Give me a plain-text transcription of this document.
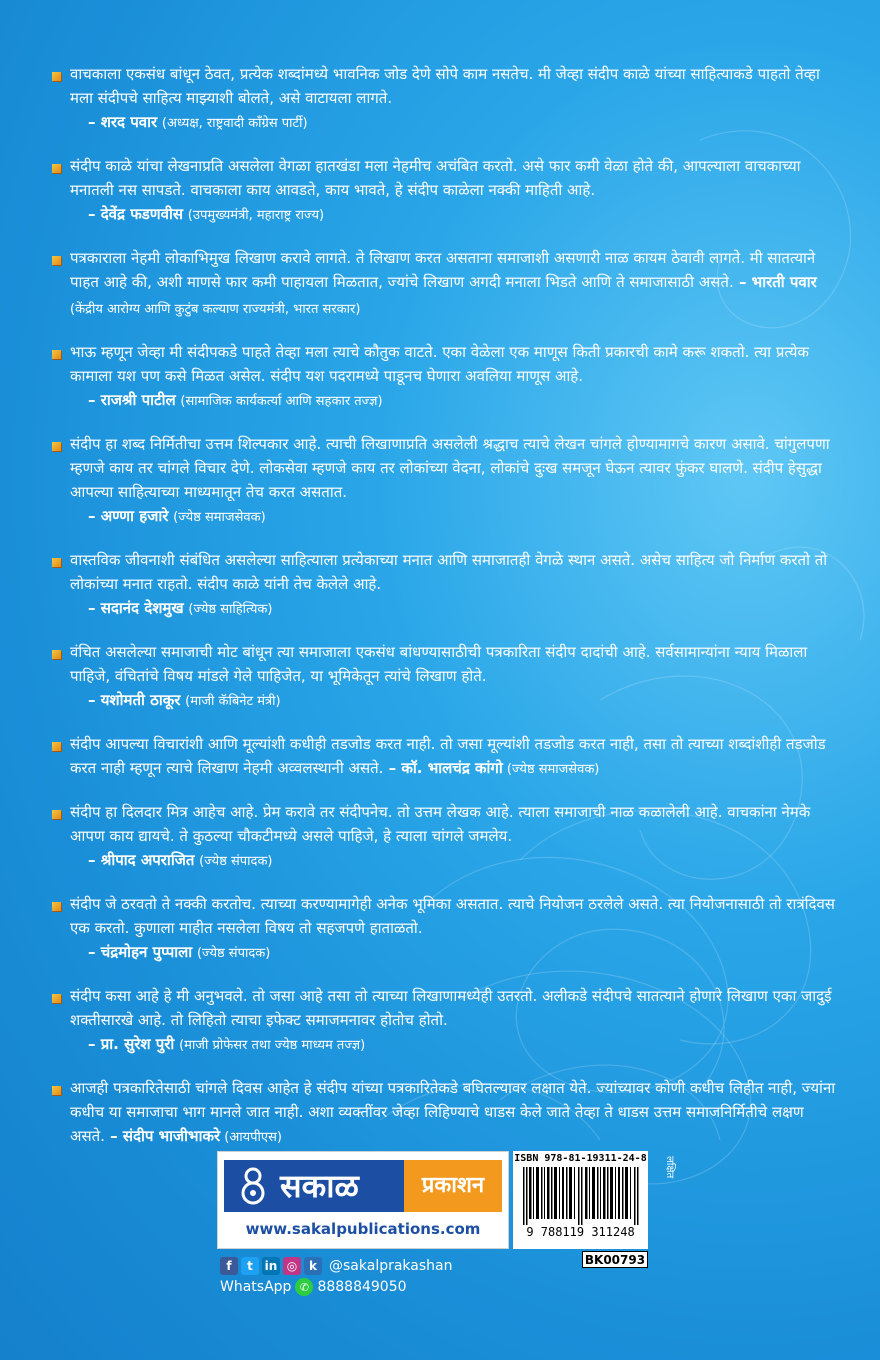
वाचकाला एकसंध बांधून ठेवत, प्रत्येक शब्दांमध्ये भावनिक जोड देणे सोपे काम नसतेच. मी जेव्हा संदीप काळे यांच्या साहित्याकडे पाहतो तेव्हा मला संदीपचे साहित्य माझ्याशी बोलते, असे वाटायला लागते.
– शरद पवार (अध्यक्ष, राष्ट्रवादी काँग्रेस पार्टी)
संदीप काळे यांचा लेखनाप्रति असलेला वेगळा हातखंडा मला नेहमीच अचंबित करतो. असे फार कमी वेळा होते की, आपल्याला वाचकाच्या मनातली नस सापडते. वाचकाला काय आवडते, काय भावते, हे संदीप काळेला नक्की माहिती आहे.
– देवेंद्र फडणवीस (उपमुख्यमंत्री, महाराष्ट्र राज्य)
पत्रकाराला नेहमी लोकाभिमुख लिखाण करावे लागते. ते लिखाण करत असताना समाजाशी असणारी नाळ कायम ठेवावी लागते. मी सातत्याने पाहत आहे की, अशी माणसे फार कमी पाहायला मिळतात, ज्यांचे लिखाण अगदी मनाला भिडते आणि ते समाजासाठी असते. – भारती पवार (केंद्रीय आरोग्य आणि कुटुंब कल्याण राज्यमंत्री, भारत सरकार)
भाऊ म्हणून जेव्हा मी संदीपकडे पाहते तेव्हा मला त्याचे कौतुक वाटते. एका वेळेला एक माणूस किती प्रकारची कामे करू शकतो. त्या प्रत्येक कामाला यश पण कसे मिळत असेल. संदीप यश पदरामध्ये पाडूनच घेणारा अवलिया माणूस आहे.
– राजश्री पाटील (सामाजिक कार्यकर्त्या आणि सहकार तज्ज्ञ)
संदीप हा शब्द निर्मितीचा उत्तम शिल्पकार आहे. त्याची लिखाणाप्रति असलेली श्रद्धाच त्याचे लेखन चांगले होण्यामागचे कारण असावे. चांगुलपणा म्हणजे काय तर चांगले विचार देणे. लोकसेवा म्हणजे काय तर लोकांच्या वेदना, लोकांचे दुःख समजून घेऊन त्यावर फुंकर घालणे. संदीप हेसुद्धा आपल्या साहित्याच्या माध्यमातून तेच करत असतात.
– अण्णा हजारे (ज्येष्ठ समाजसेवक)
वास्तविक जीवनाशी संबंधित असलेल्या साहित्याला प्रत्येकाच्या मनात आणि समाजातही वेगळे स्थान असते. असेच साहित्य जो निर्माण करतो तो लोकांच्या मनात राहतो. संदीप काळे यांनी तेच केलेले आहे.
– सदानंद देशमुख (ज्येष्ठ साहित्यिक)
वंचित असलेल्या समाजाची मोट बांधून त्या समाजाला एकसंध बांधण्यासाठीची पत्रकारिता संदीप दादांची आहे. सर्वसामान्यांना न्याय मिळाला पाहिजे, वंचितांचे विषय मांडले गेले पाहिजेत, या भूमिकेतून त्यांचे लिखाण होते.
– यशोमती ठाकूर (माजी कॅबिनेट मंत्री)
संदीप आपल्या विचारांशी आणि मूल्यांशी कधीही तडजोड करत नाही. तो जसा मूल्यांशी तडजोड करत नाही, तसा तो त्याच्या शब्दांशीही तडजोड करत नाही म्हणून त्याचे लिखाण नेहमी अव्वलस्थानी असते. – कॉ. भालचंद्र कांगो (ज्येष्ठ समाजसेवक)
संदीप हा दिलदार मित्र आहेच आहे. प्रेम करावे तर संदीपनेच. तो उत्तम लेखक आहे. त्याला समाजाची नाळ कळालेली आहे. वाचकांना नेमके आपण काय द्यायचे. ते कुठल्या चौकटीमध्ये असले पाहिजे, हे त्याला चांगले जमलेय.
– श्रीपाद अपराजित (ज्येष्ठ संपादक)
संदीप जे ठरवतो ते नक्की करतोच. त्याच्या करण्यामागेही अनेक भूमिका असतात. त्याचे नियोजन ठरलेले असते. त्या नियोजनासाठी तो रात्रंदिवस एक करतो. कुणाला माहीत नसलेला विषय तो सहजपणे हाताळतो.
– चंद्रमोहन पुप्पाला (ज्येष्ठ संपादक)
संदीप कसा आहे हे मी अनुभवले. तो जसा आहे तसा तो त्याच्या लिखाणामध्येही उतरतो. अलीकडे संदीपचे सातत्याने होणारे लिखाण एका जादुई शक्तीसारखे आहे. तो लिहितो त्याचा इफेक्ट समाजमनावर होतोच होतो.
– प्रा. सुरेश पुरी (माजी प्रोफेसर तथा ज्येष्ठ माध्यम तज्ज्ञ)
आजही पत्रकारितेसाठी चांगले दिवस आहेत हे संदीप यांच्या पत्रकारितेकडे बघितल्यावर लक्षात येते. ज्यांच्यावर कोणी कधीच लिहीत नाही, ज्यांना कधीच या समाजाचा भाग मानले जात नाही. अशा व्यक्तींवर जेव्हा लिहिण्याचे धाडस केले जाते तेव्हा ते धाडस उत्तम समाजनिर्मितीचे लक्षण असते. – संदीप भाजीभाकरे (आयपीएस)
सकाळ	प्रकाशन
www.sakalpublications.com
f	t in ◎ k @sakalprakashan
WhatsApp ✆ 8888849050
ISBN 978-81-19311-24-8
9 788119 311248
BK00793
लक्षित
